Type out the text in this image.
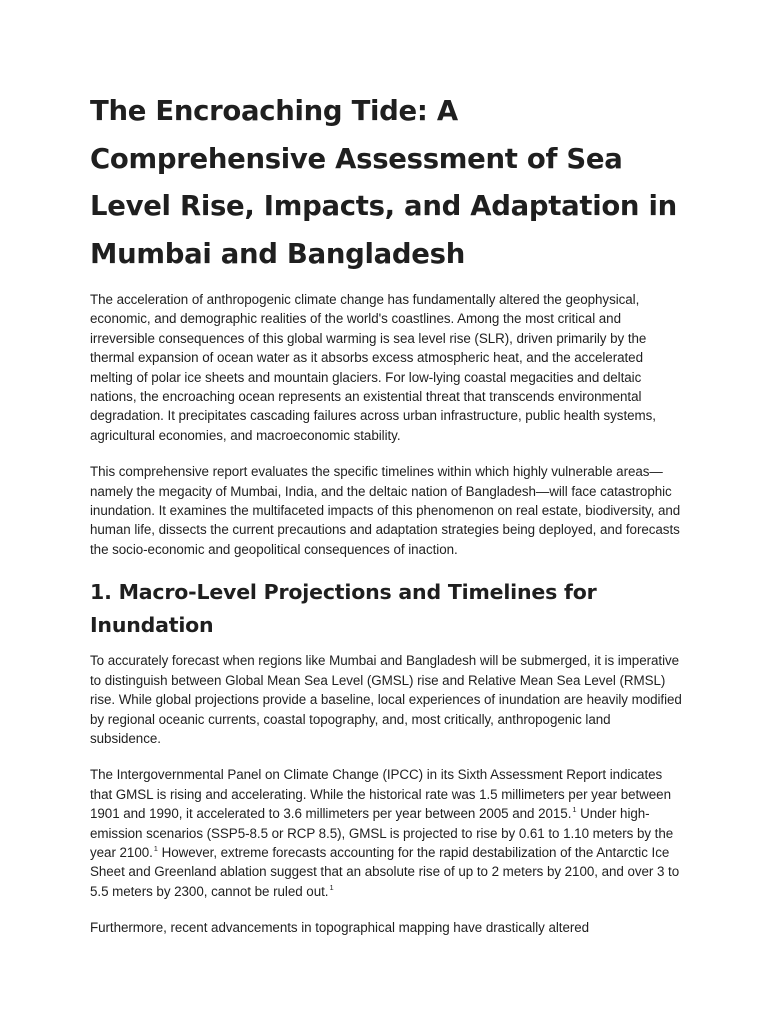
The Encroaching Tide: A Comprehensive Assessment of Sea Level Rise, Impacts, and Adaptation in Mumbai and Bangladesh

The acceleration of anthropogenic climate change has fundamentally altered the geophysical, economic, and demographic realities of the world's coastlines. Among the most critical and irreversible consequences of this global warming is sea level rise (SLR), driven primarily by the thermal expansion of ocean water as it absorbs excess atmospheric heat, and the accelerated melting of polar ice sheets and mountain glaciers. For low-lying coastal megacities and deltaic nations, the encroaching ocean represents an existential threat that transcends environmental degradation. It precipitates cascading failures across urban infrastructure, public health systems, agricultural economies, and macroeconomic stability.

This comprehensive report evaluates the specific timelines within which highly vulnerable areas—namely the megacity of Mumbai, India, and the deltaic nation of Bangladesh—will face catastrophic inundation. It examines the multifaceted impacts of this phenomenon on real estate, biodiversity, and human life, dissects the current precautions and adaptation strategies being deployed, and forecasts the socio-economic and geopolitical consequences of inaction.

1. Macro-Level Projections and Timelines for Inundation

To accurately forecast when regions like Mumbai and Bangladesh will be submerged, it is imperative to distinguish between Global Mean Sea Level (GMSL) rise and Relative Mean Sea Level (RMSL) rise. While global projections provide a baseline, local experiences of inundation are heavily modified by regional oceanic currents, coastal topography, and, most critically, anthropogenic land subsidence.

The Intergovernmental Panel on Climate Change (IPCC) in its Sixth Assessment Report indicates that GMSL is rising and accelerating. While the historical rate was 1.5 millimeters per year between 1901 and 1990, it accelerated to 3.6 millimeters per year between 2005 and 2015.$^1$ Under high-emission scenarios (SSP5-8.5 or RCP 8.5), GMSL is projected to rise by 0.61 to 1.10 meters by the year 2100.$^1$ However, extreme forecasts accounting for the rapid destabilization of the Antarctic Ice Sheet and Greenland ablation suggest that an absolute rise of up to 2 meters by 2100, and over 3 to 5.5 meters by 2300, cannot be ruled out.$^1$

Furthermore, recent advancements in topographical mapping have drastically altered
